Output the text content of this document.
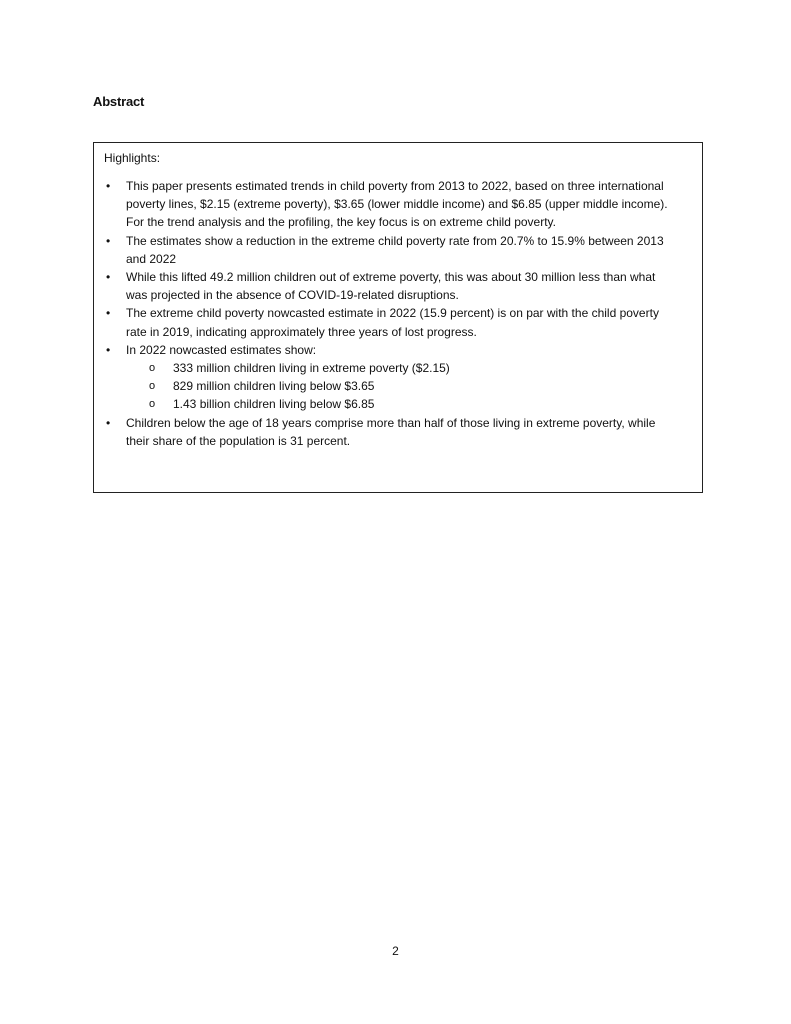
Abstract
Highlights:
• This paper presents estimated trends in child poverty from 2013 to 2022, based on three international poverty lines, $2.15 (extreme poverty), $3.65 (lower middle income) and $6.85 (upper middle income). For the trend analysis and the profiling, the key focus is on extreme child poverty.
• The estimates show a reduction in the extreme child poverty rate from 20.7% to 15.9% between 2013 and 2022
• While this lifted 49.2 million children out of extreme poverty, this was about 30 million less than what was projected in the absence of COVID-19-related disruptions.
• The extreme child poverty nowcasted estimate in 2022 (15.9 percent) is on par with the child poverty rate in 2019, indicating approximately three years of lost progress.
• In 2022 nowcasted estimates show:
o 333 million children living in extreme poverty ($2.15)
o 829 million children living below $3.65
o 1.43 billion children living below $6.85
• Children below the age of 18 years comprise more than half of those living in extreme poverty, while their share of the population is 31 percent.
2
